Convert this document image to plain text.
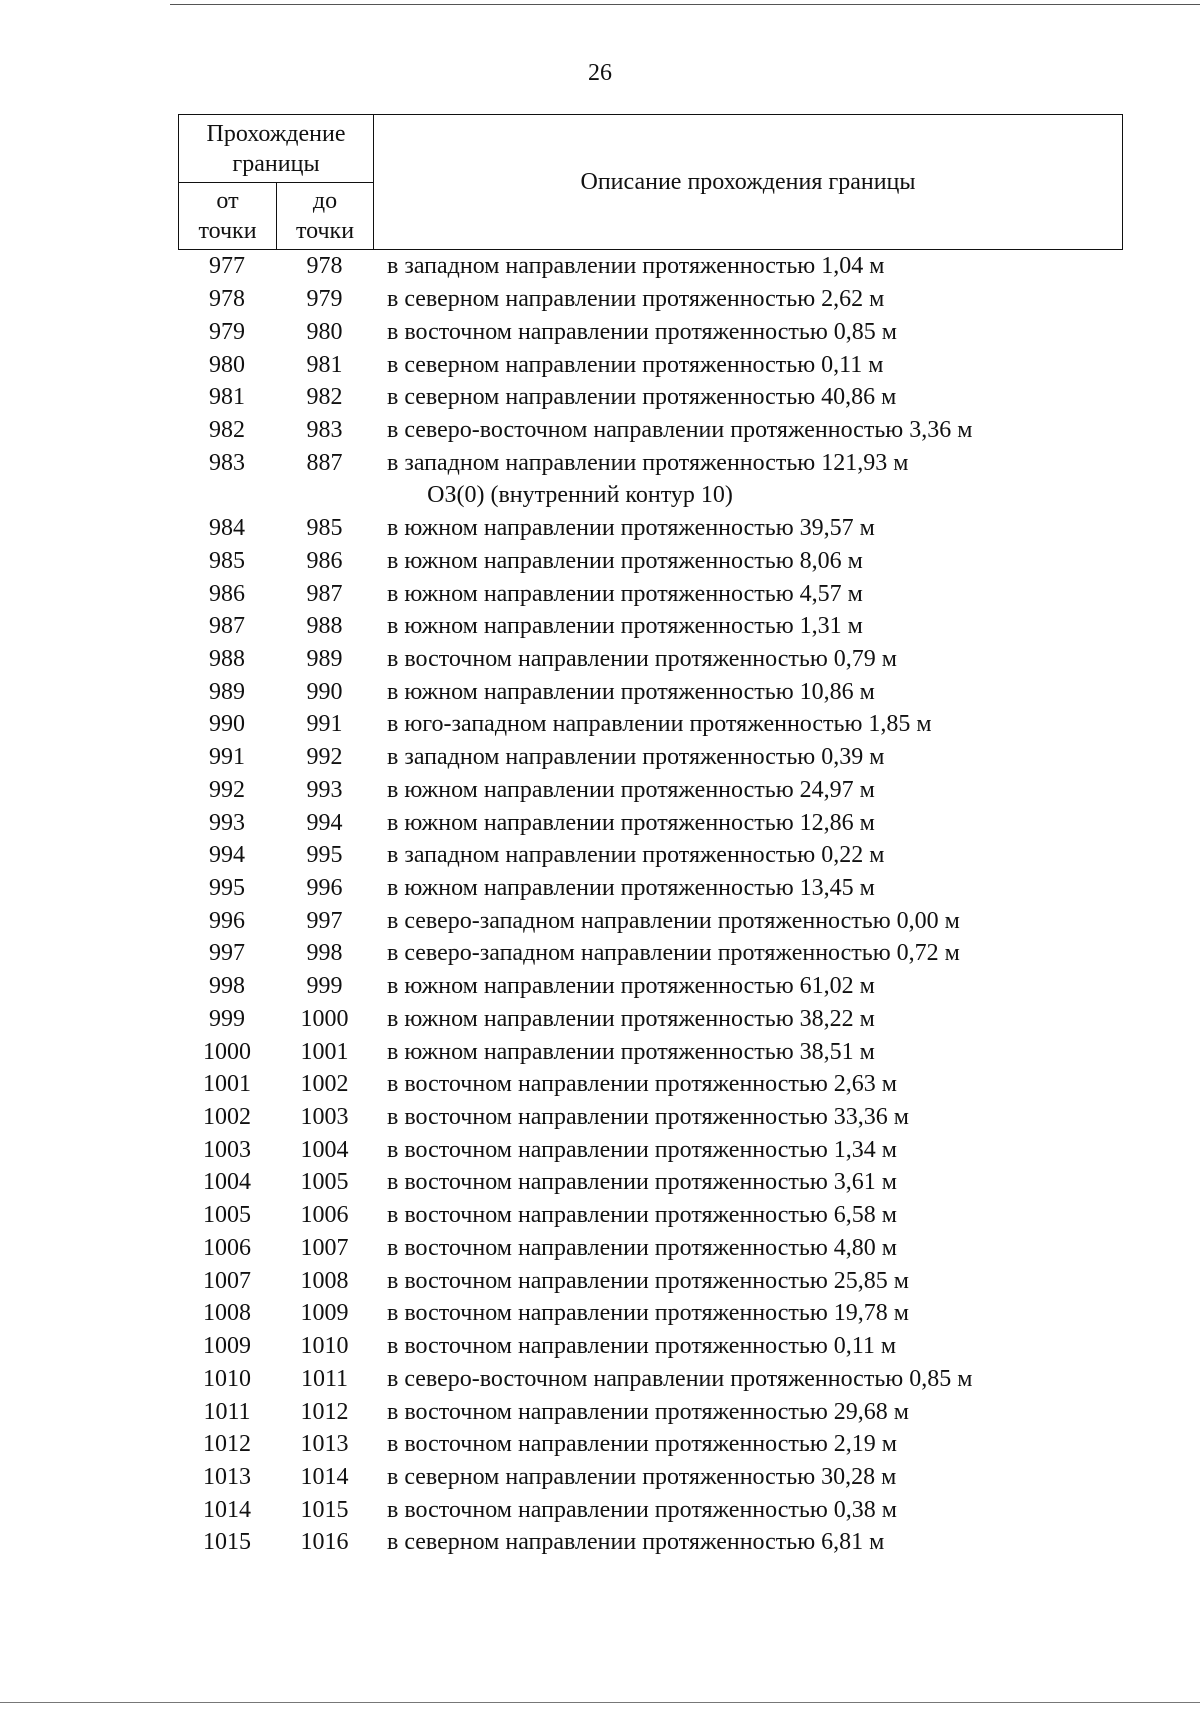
26
Прохождение границы		Описание прохождения границы
от точки	до точки	
977	978	в западном направлении протяженностью 1,04 м
978	979	в северном направлении протяженностью 2,62 м
979	980	в восточном направлении протяженностью 0,85 м
980	981	в северном направлении протяженностью 0,11 м
981	982	в северном направлении протяженностью 40,86 м
982	983	в северо-восточном направлении протяженностью 3,36 м
983	887	в западном направлении протяженностью 121,93 м
ОЗ(0) (внутренний контур 10)		
984	985	в южном направлении протяженностью 39,57 м
985	986	в южном направлении протяженностью 8,06 м
986	987	в южном направлении протяженностью 4,57 м
987	988	в южном направлении протяженностью 1,31 м
988	989	в восточном направлении протяженностью 0,79 м
989	990	в южном направлении протяженностью 10,86 м
990	991	в юго-западном направлении протяженностью 1,85 м
991	992	в западном направлении протяженностью 0,39 м
992	993	в южном направлении протяженностью 24,97 м
993	994	в южном направлении протяженностью 12,86 м
994	995	в западном направлении протяженностью 0,22 м
995	996	в южном направлении протяженностью 13,45 м
996	997	в северо-западном направлении протяженностью 0,00 м
997	998	в северо-западном направлении протяженностью 0,72 м
998	999	в южном направлении протяженностью 61,02 м
999	1000	в южном направлении протяженностью 38,22 м
1000	1001	в южном направлении протяженностью 38,51 м
1001	1002	в восточном направлении протяженностью 2,63 м
1002	1003	в восточном направлении протяженностью 33,36 м
1003	1004	в восточном направлении протяженностью 1,34 м
1004	1005	в восточном направлении протяженностью 3,61 м
1005	1006	в восточном направлении протяженностью 6,58 м
1006	1007	в восточном направлении протяженностью 4,80 м
1007	1008	в восточном направлении протяженностью 25,85 м
1008	1009	в восточном направлении протяженностью 19,78 м
1009	1010	в восточном направлении протяженностью 0,11 м
1010	1011	в северо-восточном направлении протяженностью 0,85 м
1011	1012	в восточном направлении протяженностью 29,68 м
1012	1013	в восточном направлении протяженностью 2,19 м
1013	1014	в северном направлении протяженностью 30,28 м
1014	1015	в восточном направлении протяженностью 0,38 м
1015	1016	в северном направлении протяженностью 6,81 м
